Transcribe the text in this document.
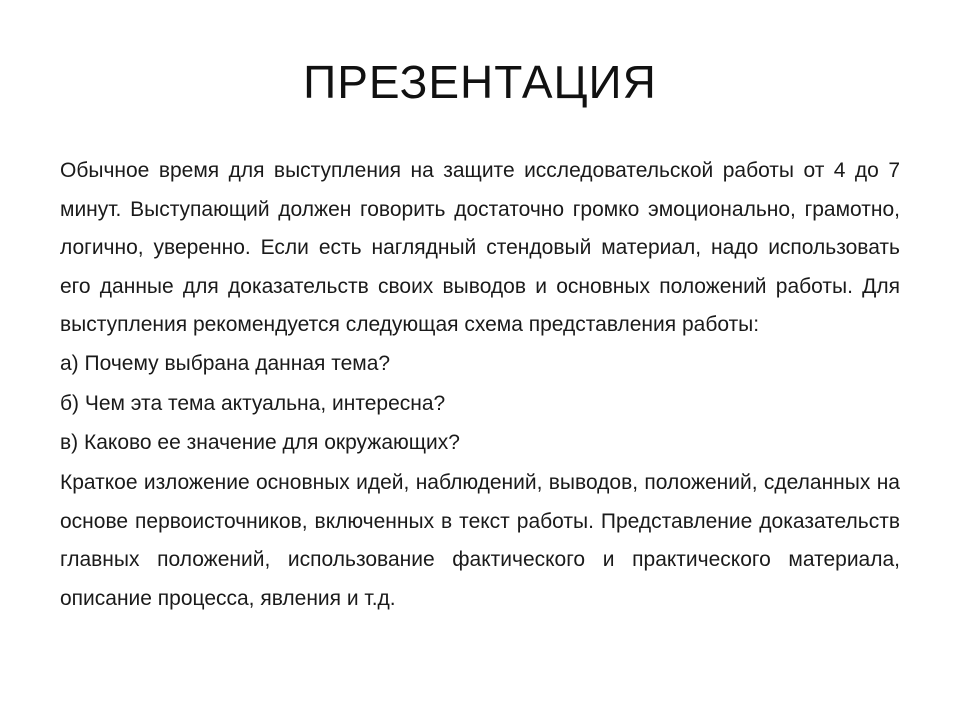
ПРЕЗЕНТАЦИЯ

Обычное время для выступления на защите исследовательской работы от 4 до 7 минут. Выступающий должен говорить достаточно громко эмоционально, грамотно, логично, уверенно. Если есть наглядный стендовый материал, надо использовать его данные для доказательств своих выводов и основных положений работы. Для выступления рекомендуется следующая схема представления работы:

а) Почему выбрана данная тема?

б) Чем эта тема актуальна, интересна?

в) Каково ее значение для окружающих?

Краткое изложение основных идей, наблюдений, выводов, положений, сделанных на основе первоисточников, включенных в текст работы. Представление доказательств главных положений, использование фактического и практического материала, описание процесса, явления и т.д.
